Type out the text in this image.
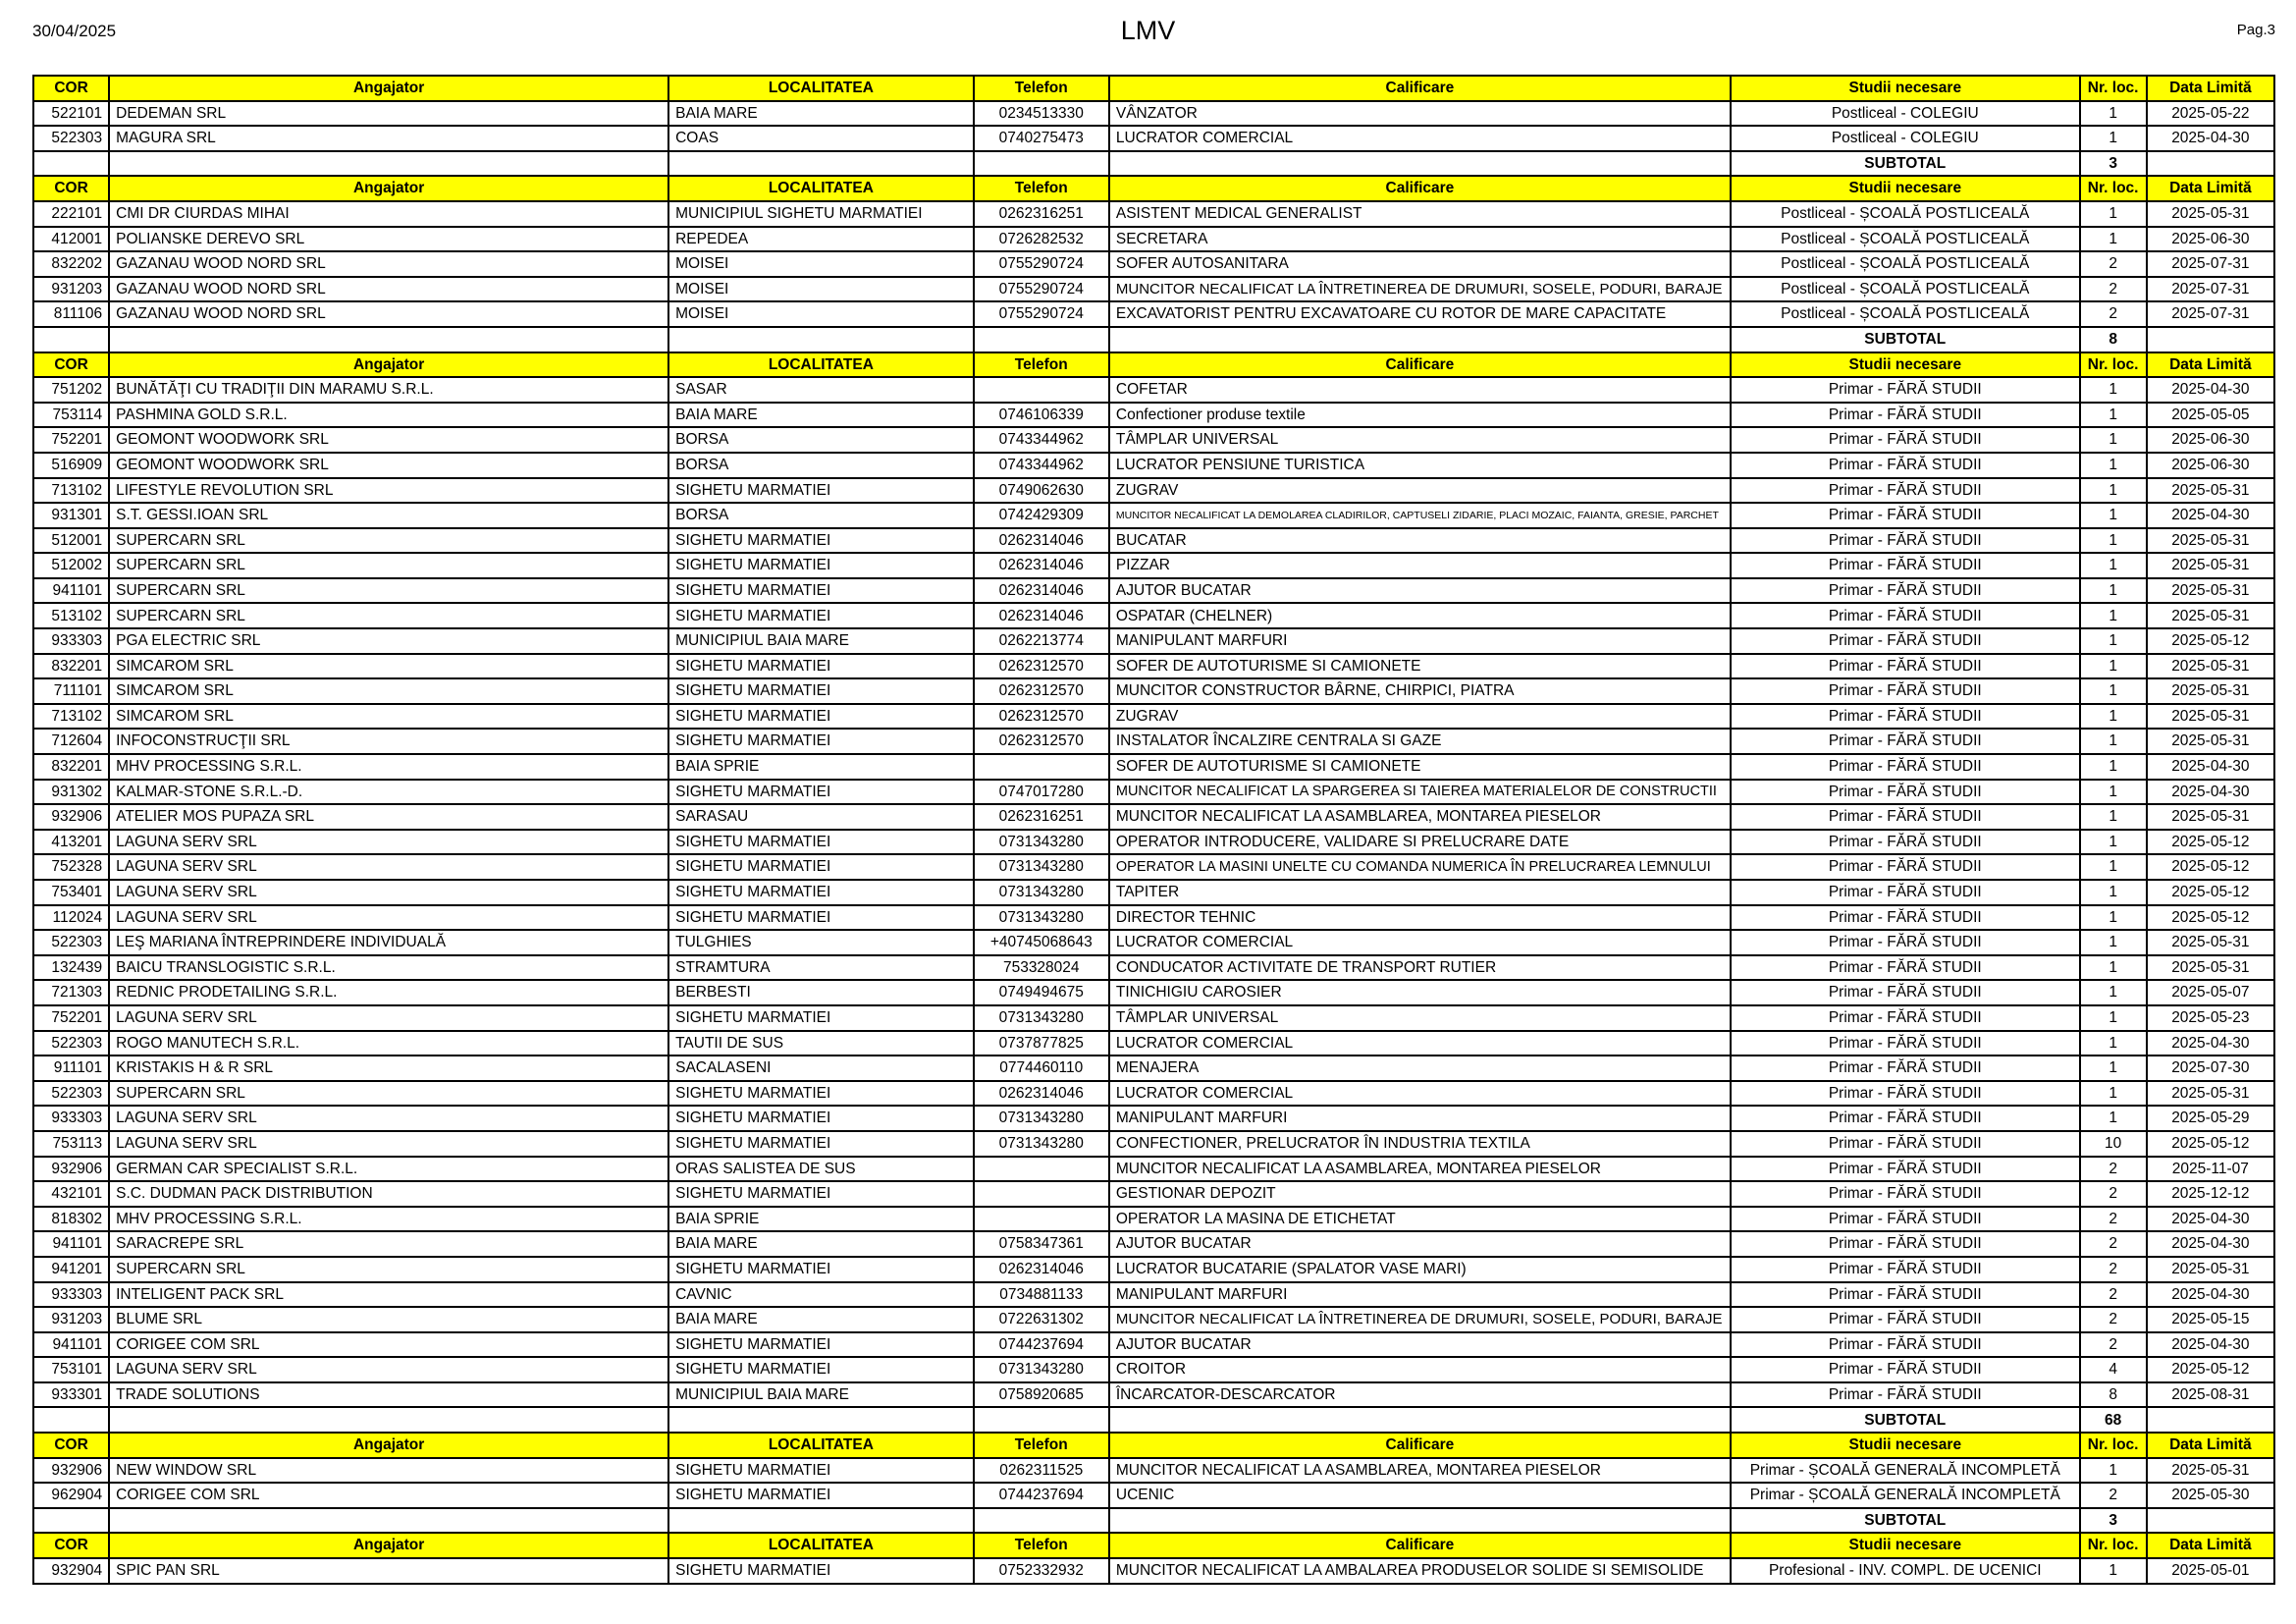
30/04/2025	LMV	Pag.3
COR	Angajator	LOCALITATEA	Telefon	Calificare	Studii necesare	Nr. loc.	Data Limită
522101	DEDEMAN SRL	BAIA MARE	0234513330	VÂNZATOR	Postliceal - COLEGIU	1	2025-05-22
522303	MAGURA SRL	COAS	0740275473	LUCRATOR COMERCIAL	Postliceal - COLEGIU	1	2025-04-30
					SUBTOTAL	3	
COR	Angajator	LOCALITATEA	Telefon	Calificare	Studii necesare	Nr. loc.	Data Limită
222101	CMI DR CIURDAS MIHAI	MUNICIPIUL SIGHETU MARMATIEI	0262316251	ASISTENT MEDICAL GENERALIST	Postliceal - ȘCOALĂ POSTLICEALĂ	1	2025-05-31
412001	POLIANSKE DEREVO SRL	REPEDEA	0726282532	SECRETARA	Postliceal - ȘCOALĂ POSTLICEALĂ	1	2025-06-30
832202	GAZANAU WOOD NORD SRL	MOISEI	0755290724	SOFER AUTOSANITARA	Postliceal - ȘCOALĂ POSTLICEALĂ	2	2025-07-31
931203	GAZANAU WOOD NORD SRL	MOISEI	0755290724	MUNCITOR NECALIFICAT LA ÎNTRETINEREA DE DRUMURI, SOSELE, PODURI, BARAJE	Postliceal - ȘCOALĂ POSTLICEALĂ	2	2025-07-31
811106	GAZANAU WOOD NORD SRL	MOISEI	0755290724	EXCAVATORIST PENTRU EXCAVATOARE CU ROTOR DE MARE CAPACITATE	Postliceal - ȘCOALĂ POSTLICEALĂ	2	2025-07-31
					SUBTOTAL	8	
COR	Angajator	LOCALITATEA	Telefon	Calificare	Studii necesare	Nr. loc.	Data Limită
751202	BUNĂTĂŢI CU TRADIŢII DIN MARAMU S.R.L.	SASAR		COFETAR	Primar - FĂRĂ STUDII	1	2025-04-30
753114	PASHMINA GOLD S.R.L.	BAIA MARE	0746106339	Confectioner produse textile	Primar - FĂRĂ STUDII	1	2025-05-05
752201	GEOMONT WOODWORK SRL	BORSA	0743344962	TÂMPLAR UNIVERSAL	Primar - FĂRĂ STUDII	1	2025-06-30
516909	GEOMONT WOODWORK SRL	BORSA	0743344962	LUCRATOR PENSIUNE TURISTICA	Primar - FĂRĂ STUDII	1	2025-06-30
713102	LIFESTYLE REVOLUTION SRL	SIGHETU MARMATIEI	0749062630	ZUGRAV	Primar - FĂRĂ STUDII	1	2025-05-31
931301	S.T. GESSI.IOAN SRL	BORSA	0742429309	MUNCITOR NECALIFICAT LA DEMOLAREA CLADIRILOR, CAPTUSELI ZIDARIE, PLACI MOZAIC, FAIANTA, GRESIE, PARCHET	Primar - FĂRĂ STUDII	1	2025-04-30
512001	SUPERCARN SRL	SIGHETU MARMATIEI	0262314046	BUCATAR	Primar - FĂRĂ STUDII	1	2025-05-31
512002	SUPERCARN SRL	SIGHETU MARMATIEI	0262314046	PIZZAR	Primar - FĂRĂ STUDII	1	2025-05-31
941101	SUPERCARN SRL	SIGHETU MARMATIEI	0262314046	AJUTOR BUCATAR	Primar - FĂRĂ STUDII	1	2025-05-31
513102	SUPERCARN SRL	SIGHETU MARMATIEI	0262314046	OSPATAR (CHELNER)	Primar - FĂRĂ STUDII	1	2025-05-31
933303	PGA ELECTRIC SRL	MUNICIPIUL BAIA MARE	0262213774	MANIPULANT MARFURI	Primar - FĂRĂ STUDII	1	2025-05-12
832201	SIMCAROM SRL	SIGHETU MARMATIEI	0262312570	SOFER DE AUTOTURISME SI CAMIONETE	Primar - FĂRĂ STUDII	1	2025-05-31
711101	SIMCAROM SRL	SIGHETU MARMATIEI	0262312570	MUNCITOR CONSTRUCTOR BÂRNE, CHIRPICI, PIATRA	Primar - FĂRĂ STUDII	1	2025-05-31
713102	SIMCAROM SRL	SIGHETU MARMATIEI	0262312570	ZUGRAV	Primar - FĂRĂ STUDII	1	2025-05-31
712604	INFOCONSTRUCŢII SRL	SIGHETU MARMATIEI	0262312570	INSTALATOR ÎNCALZIRE CENTRALA SI GAZE	Primar - FĂRĂ STUDII	1	2025-05-31
832201	MHV PROCESSING S.R.L.	BAIA SPRIE		SOFER DE AUTOTURISME SI CAMIONETE	Primar - FĂRĂ STUDII	1	2025-04-30
931302	KALMAR-STONE S.R.L.-D.	SIGHETU MARMATIEI	0747017280	MUNCITOR NECALIFICAT LA SPARGEREA SI TAIEREA MATERIALELOR DE CONSTRUCTII	Primar - FĂRĂ STUDII	1	2025-04-30
932906	ATELIER MOS PUPAZA SRL	SARASAU	0262316251	MUNCITOR NECALIFICAT LA ASAMBLAREA, MONTAREA PIESELOR	Primar - FĂRĂ STUDII	1	2025-05-31
413201	LAGUNA SERV SRL	SIGHETU MARMATIEI	0731343280	OPERATOR INTRODUCERE, VALIDARE SI PRELUCRARE DATE	Primar - FĂRĂ STUDII	1	2025-05-12
752328	LAGUNA SERV SRL	SIGHETU MARMATIEI	0731343280	OPERATOR LA MASINI UNELTE CU COMANDA NUMERICA ÎN PRELUCRAREA LEMNULUI	Primar - FĂRĂ STUDII	1	2025-05-12
753401	LAGUNA SERV SRL	SIGHETU MARMATIEI	0731343280	TAPITER	Primar - FĂRĂ STUDII	1	2025-05-12
112024	LAGUNA SERV SRL	SIGHETU MARMATIEI	0731343280	DIRECTOR TEHNIC	Primar - FĂRĂ STUDII	1	2025-05-12
522303	LEŞ MARIANA ÎNTREPRINDERE INDIVIDUALĂ	TULGHIES	+40745068643	LUCRATOR COMERCIAL	Primar - FĂRĂ STUDII	1	2025-05-31
132439	BAICU TRANSLOGISTIC S.R.L.	STRAMTURA	753328024	CONDUCATOR ACTIVITATE DE TRANSPORT RUTIER	Primar - FĂRĂ STUDII	1	2025-05-31
721303	REDNIC PRODETAILING S.R.L.	BERBESTI	0749494675	TINICHIGIU CAROSIER	Primar - FĂRĂ STUDII	1	2025-05-07
752201	LAGUNA SERV SRL	SIGHETU MARMATIEI	0731343280	TÂMPLAR UNIVERSAL	Primar - FĂRĂ STUDII	1	2025-05-23
522303	ROGO MANUTECH S.R.L.	TAUTII DE SUS	0737877825	LUCRATOR COMERCIAL	Primar - FĂRĂ STUDII	1	2025-04-30
911101	KRISTAKIS H & R SRL	SACALASENI	0774460110	MENAJERA	Primar - FĂRĂ STUDII	1	2025-07-30
522303	SUPERCARN SRL	SIGHETU MARMATIEI	0262314046	LUCRATOR COMERCIAL	Primar - FĂRĂ STUDII	1	2025-05-31
933303	LAGUNA SERV SRL	SIGHETU MARMATIEI	0731343280	MANIPULANT MARFURI	Primar - FĂRĂ STUDII	1	2025-05-29
753113	LAGUNA SERV SRL	SIGHETU MARMATIEI	0731343280	CONFECTIONER, PRELUCRATOR ÎN INDUSTRIA TEXTILA	Primar - FĂRĂ STUDII	10	2025-05-12
932906	GERMAN CAR SPECIALIST S.R.L.	ORAS SALISTEA DE SUS		MUNCITOR NECALIFICAT LA ASAMBLAREA, MONTAREA PIESELOR	Primar - FĂRĂ STUDII	2	2025-11-07
432101	S.C. DUDMAN PACK DISTRIBUTION	SIGHETU MARMATIEI		GESTIONAR DEPOZIT	Primar - FĂRĂ STUDII	2	2025-12-12
818302	MHV PROCESSING S.R.L.	BAIA SPRIE		OPERATOR LA MASINA DE ETICHETAT	Primar - FĂRĂ STUDII	2	2025-04-30
941101	SARACREPE SRL	BAIA MARE	0758347361	AJUTOR BUCATAR	Primar - FĂRĂ STUDII	2	2025-04-30
941201	SUPERCARN SRL	SIGHETU MARMATIEI	0262314046	LUCRATOR BUCATARIE (SPALATOR VASE MARI)	Primar - FĂRĂ STUDII	2	2025-05-31
933303	INTELIGENT PACK SRL	CAVNIC	0734881133	MANIPULANT MARFURI	Primar - FĂRĂ STUDII	2	2025-04-30
931203	BLUME SRL	BAIA MARE	0722631302	MUNCITOR NECALIFICAT LA ÎNTRETINEREA DE DRUMURI, SOSELE, PODURI, BARAJE	Primar - FĂRĂ STUDII	2	2025-05-15
941101	CORIGEE COM SRL	SIGHETU MARMATIEI	0744237694	AJUTOR BUCATAR	Primar - FĂRĂ STUDII	2	2025-04-30
753101	LAGUNA SERV SRL	SIGHETU MARMATIEI	0731343280	CROITOR	Primar - FĂRĂ STUDII	4	2025-05-12
933301	TRADE SOLUTIONS	MUNICIPIUL BAIA MARE	0758920685	ÎNCARCATOR-DESCARCATOR	Primar - FĂRĂ STUDII	8	2025-08-31
					SUBTOTAL	68	
COR	Angajator	LOCALITATEA	Telefon	Calificare	Studii necesare	Nr. loc.	Data Limită
932906	NEW WINDOW SRL	SIGHETU MARMATIEI	0262311525	MUNCITOR NECALIFICAT LA ASAMBLAREA, MONTAREA PIESELOR	Primar - ȘCOALĂ GENERALĂ INCOMPLETĂ	1	2025-05-31
962904	CORIGEE COM SRL	SIGHETU MARMATIEI	0744237694	UCENIC	Primar - ȘCOALĂ GENERALĂ INCOMPLETĂ	2	2025-05-30
					SUBTOTAL	3	
COR	Angajator	LOCALITATEA	Telefon	Calificare	Studii necesare	Nr. loc.	Data Limită
932904	SPIC PAN SRL	SIGHETU MARMATIEI	0752332932	MUNCITOR NECALIFICAT LA AMBALAREA PRODUSELOR SOLIDE SI SEMISOLIDE	Profesional - INV. COMPL. DE UCENICI	1	2025-05-01
